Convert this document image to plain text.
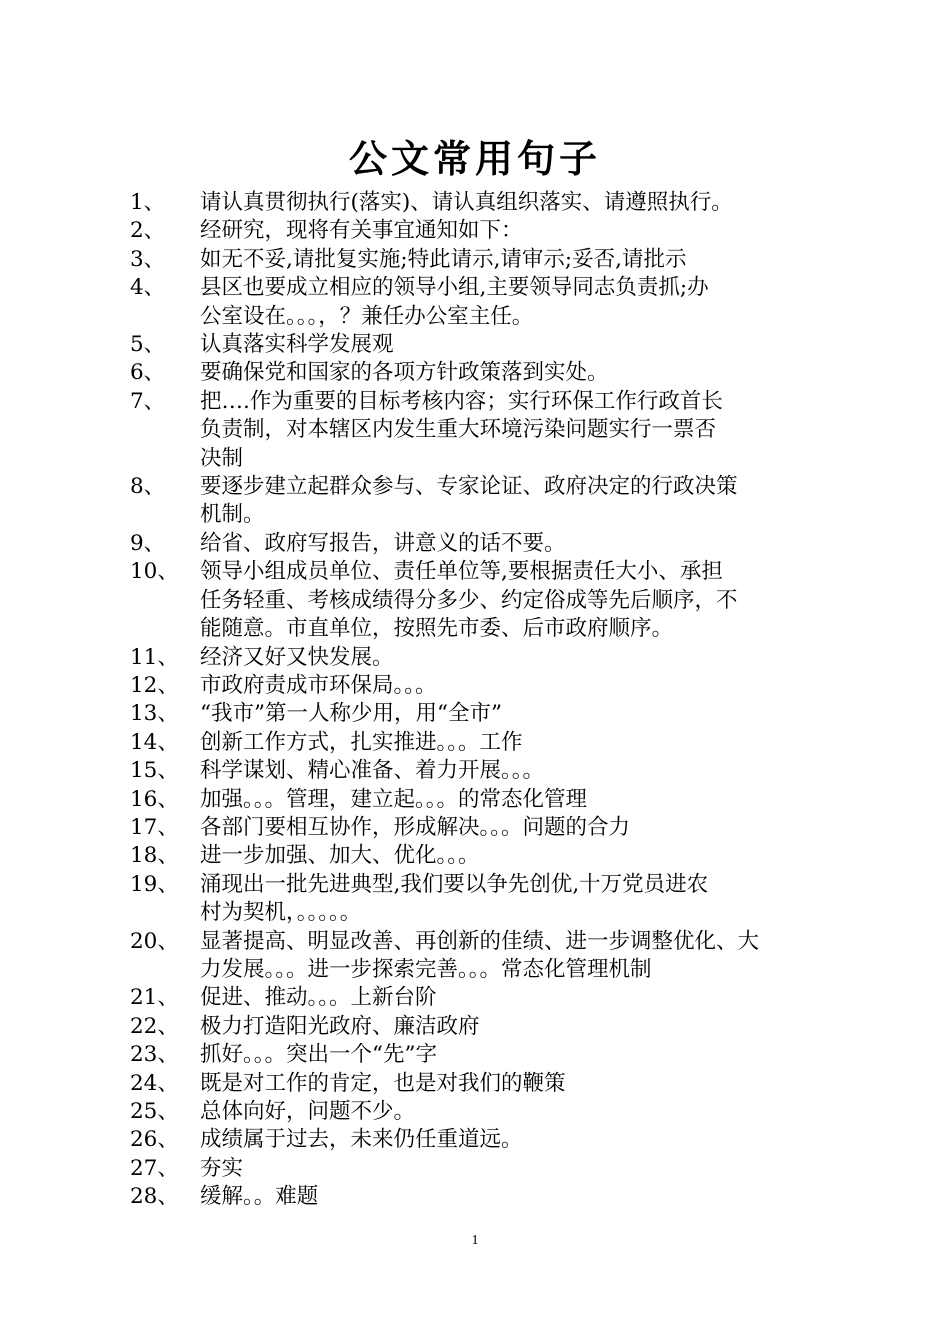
公文常用句子
1、	请认真贯彻执行(落实)、请认真组织落实、请遵照执行。
2、	经研究，现将有关事宜通知如下：
3、	如无不妥,请批复实施;特此请示,请审示;妥否,请批示
4、	县区也要成立相应的领导小组,主要领导同志负责抓;办
公室设在。。。，？兼任办公室主任。
5、	认真落实科学发展观
6、	要确保党和国家的各项方针政策落到实处。
7、	把….作为重要的目标考核内容；实行环保工作行政首长
负责制，对本辖区内发生重大环境污染问题实行一票否
决制
8、	要逐步建立起群众参与、专家论证、政府决定的行政决策
机制。
9、	给省、政府写报告，讲意义的话不要。
10、 领导小组成员单位、责任单位等,要根据责任大小、承担
任务轻重、考核成绩得分多少、约定俗成等先后顺序，不
能随意。市直单位，按照先市委、后市政府顺序。
11、 经济又好又快发展。
12、 市政府责成市环保局。。。
13、 “我市”第一人称少用，用“全市”
14、 创新工作方式，扎实推进。。。工作
15、 科学谋划、精心准备、着力开展。。。
16、 加强。。。管理，建立起。。。的常态化管理
17、 各部门要相互协作，形成解决。。。问题的合力
18、 进一步加强、加大、优化。。。
19、 涌现出一批先进典型,我们要以争先创优,十万党员进农
村为契机，。。。。。
20、 显著提高、明显改善、再创新的佳绩、进一步调整优化、大
力发展。。。进一步探索完善。。。常态化管理机制
21、 促进、推动。。。上新台阶
22、 极力打造阳光政府、廉洁政府
23、 抓好。。。突出一个“先”字
24、 既是对工作的肯定，也是对我们的鞭策
25、 总体向好，问题不少。
26、 成绩属于过去，未来仍任重道远。
27、 夯实
28、 缓解。。难题
1
